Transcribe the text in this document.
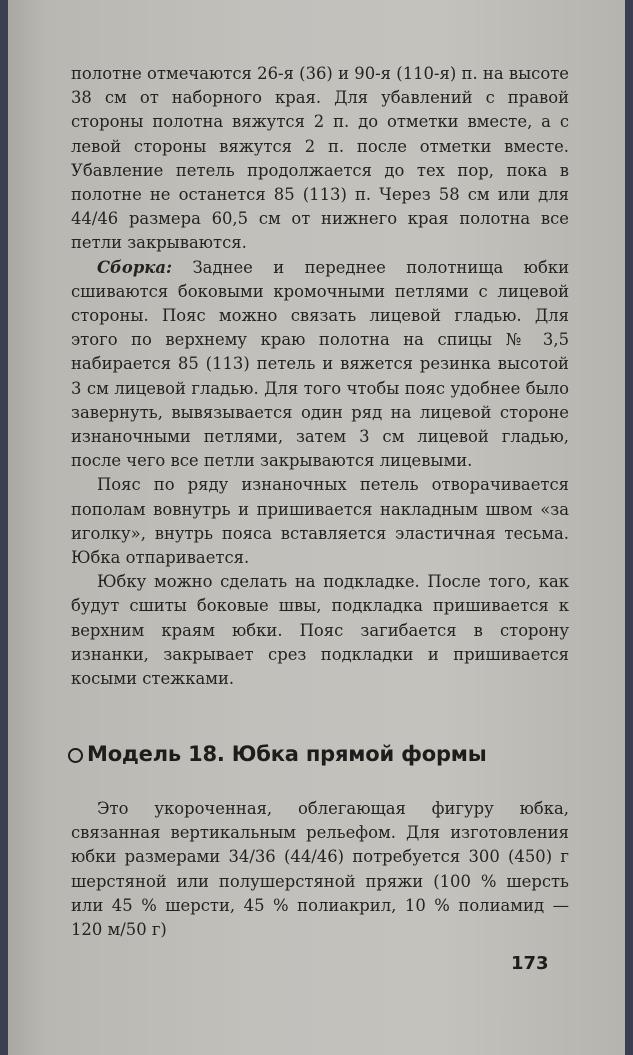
полотне отмечаются 26-я (36) и 90-я (110-я) п. на высоте 38 см от наборного края. Для убавлений с правой стороны полотна вяжутся 2 п. до отметки вместе, а с левой стороны вяжутся 2 п. после отметки вместе. Убавление петель продолжается до тех пор, пока в полотне не останется 85 (113) п. Через 58 см или для 44/46 размера 60,5 см от нижнего края полотна все петли закрываются.

Сборка: Заднее и переднее полотнища юбки сшиваются боковыми кромочными петлями с лицевой стороны. Пояс можно связать лицевой гладью. Для этого по верхнему краю полотна на спицы № 3,5 набирается 85 (113) петель и вяжется резинка высотой 3 см лицевой гладью. Для того чтобы пояс удобнее было завернуть, вывязывается один ряд на лицевой стороне изнаночными петлями, затем 3 см лицевой гладью, после чего все петли закрываются лицевыми.

Пояс по ряду изнаночных петель отворачивается пополам вовнутрь и пришивается накладным швом «за иголку», внутрь пояса вставляется эластичная тесьма. Юбка отпаривается.

Юбку можно сделать на подкладке. После того, как будут сшиты боковые швы, подкладка пришивается к верхним краям юбки. Пояс загибается в сторону изнанки, закрывает срез подкладки и пришивается косыми стежками.

Модель 18. Юбка прямой формы

Это укороченная, облегающая фигуру юбка, связанная вертикальным рельефом. Для изготовления юбки размерами 34/36 (44/46) потребуется 300 (450) г шерстяной или полушерстяной пряжи (100 % шерсть или 45 % шерсти, 45 % полиакрил, 10 % полиамид — 120 м/50 г)

173
